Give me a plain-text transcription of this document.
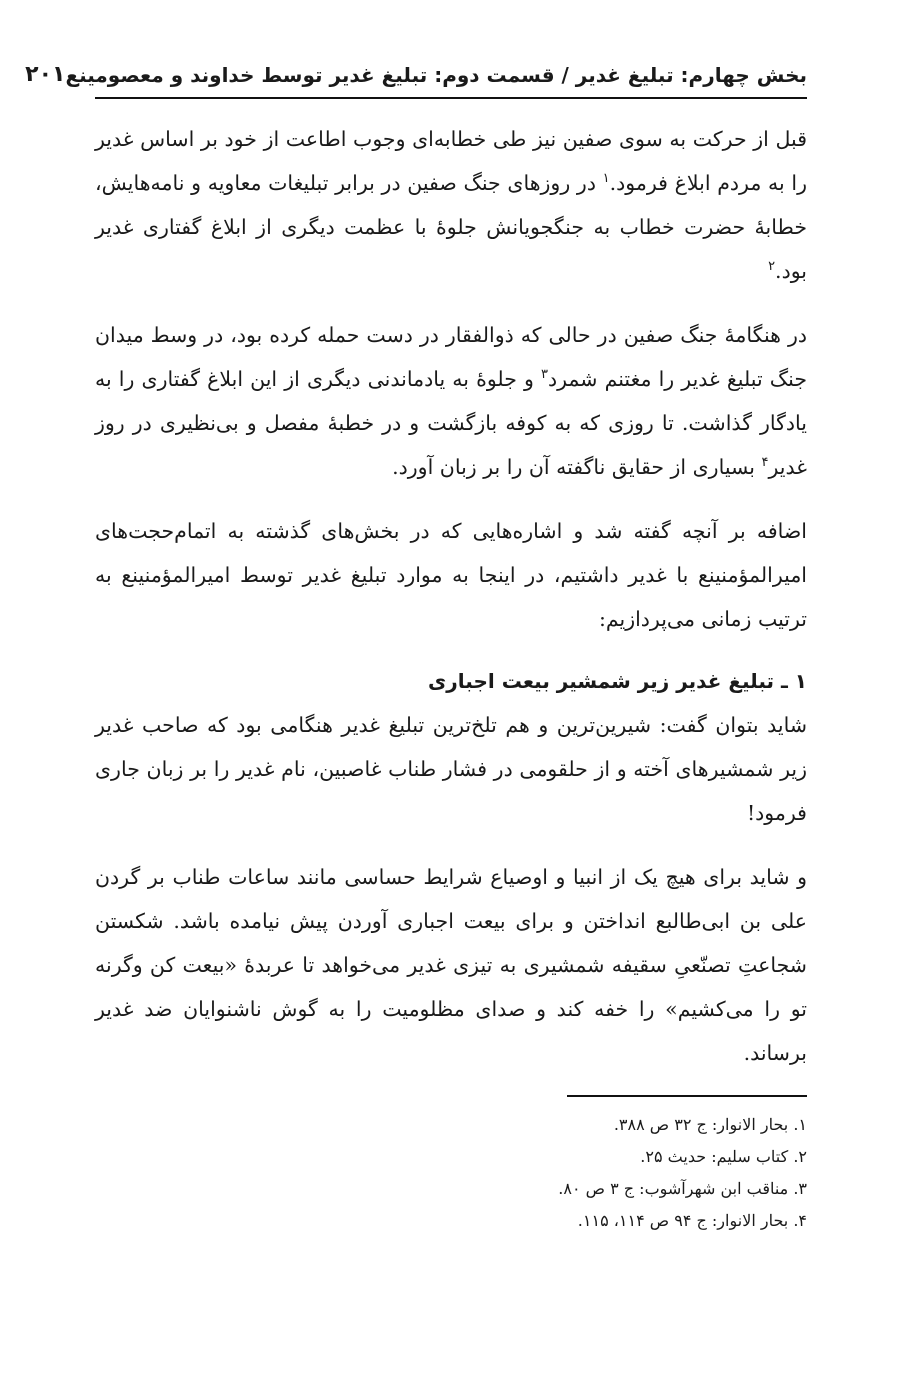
بخش چهارم: تبلیغ غدیر / قسمت دوم: تبلیغ غدیر توسط خداوند و معصومینع
۲۰۱

قبل از حرکت به سوی صفین نیز طی خطابه‌ای وجوب اطاعت از خود بر اساس غدیر را به مردم ابلاغ فرمود.$^۱$ در روزهای جنگ صفین در برابر تبلیغات معاویه و نامه‌هایش، خطابهٔ حضرت خطاب به جنگجویانش جلوهٔ با عظمت دیگری از ابلاغ گفتاری غدیر بود.$^۲$

در هنگامهٔ جنگ صفین در حالی که ذوالفقار در دست حمله کرده بود، در وسط میدان جنگ تبلیغ غدیر را مغتنم شمرد$^۳$ و جلوهٔ به یادماندنی دیگری از این ابلاغ گفتاری را به یادگار گذاشت. تا روزی که به کوفه بازگشت و در خطبهٔ مفصل و بی‌نظیری در روز غدیر$^۴$ بسیاری از حقایق ناگفته آن را بر زبان آورد.

اضافه بر آنچه گفته شد و اشاره‌هایی که در بخش‌های گذشته به اتمام‌حجت‌های امیرالمؤمنینع با غدیر داشتیم، در اینجا به موارد تبلیغ غدیر توسط امیرالمؤمنینع به ترتیب زمانی می‌پردازیم:

۱ ـ تبلیغ غدیر زیر شمشیر بیعت اجباری

شاید بتوان گفت: شیرین‌ترین و هم تلخ‌ترین تبلیغ غدیر هنگامی بود که صاحب غدیر زیر شمشیرهای آخته و از حلقومی در فشار طناب غاصبین، نام غدیر را بر زبان جاری فرمود!

و شاید برای هیچ یک از انبیا و اوصیاع شرایط حساسی مانند ساعات طناب بر گردن علی بن ابی‌طالبع انداختن و برای بیعت اجباری آوردن پیش نیامده باشد. شکستن شجاعتِ تصنّعیِ سقیفه شمشیری به تیزی غدیر می‌خواهد تا عربدهٔ «بیعت کن وگرنه تو را می‌کشیم» را خفه کند و صدای مظلومیت را به گوش ناشنوایان ضد غدیر برساند.

۱. بحار الانوار: ج ۳۲ ص ۳۸۸.
۲. کتاب سلیم: حدیث ۲۵.
۳. مناقب ابن شهرآشوب: ج ۳ ص ۸۰.
۴. بحار الانوار: ج ۹۴ ص ۱۱۴، ۱۱۵.
